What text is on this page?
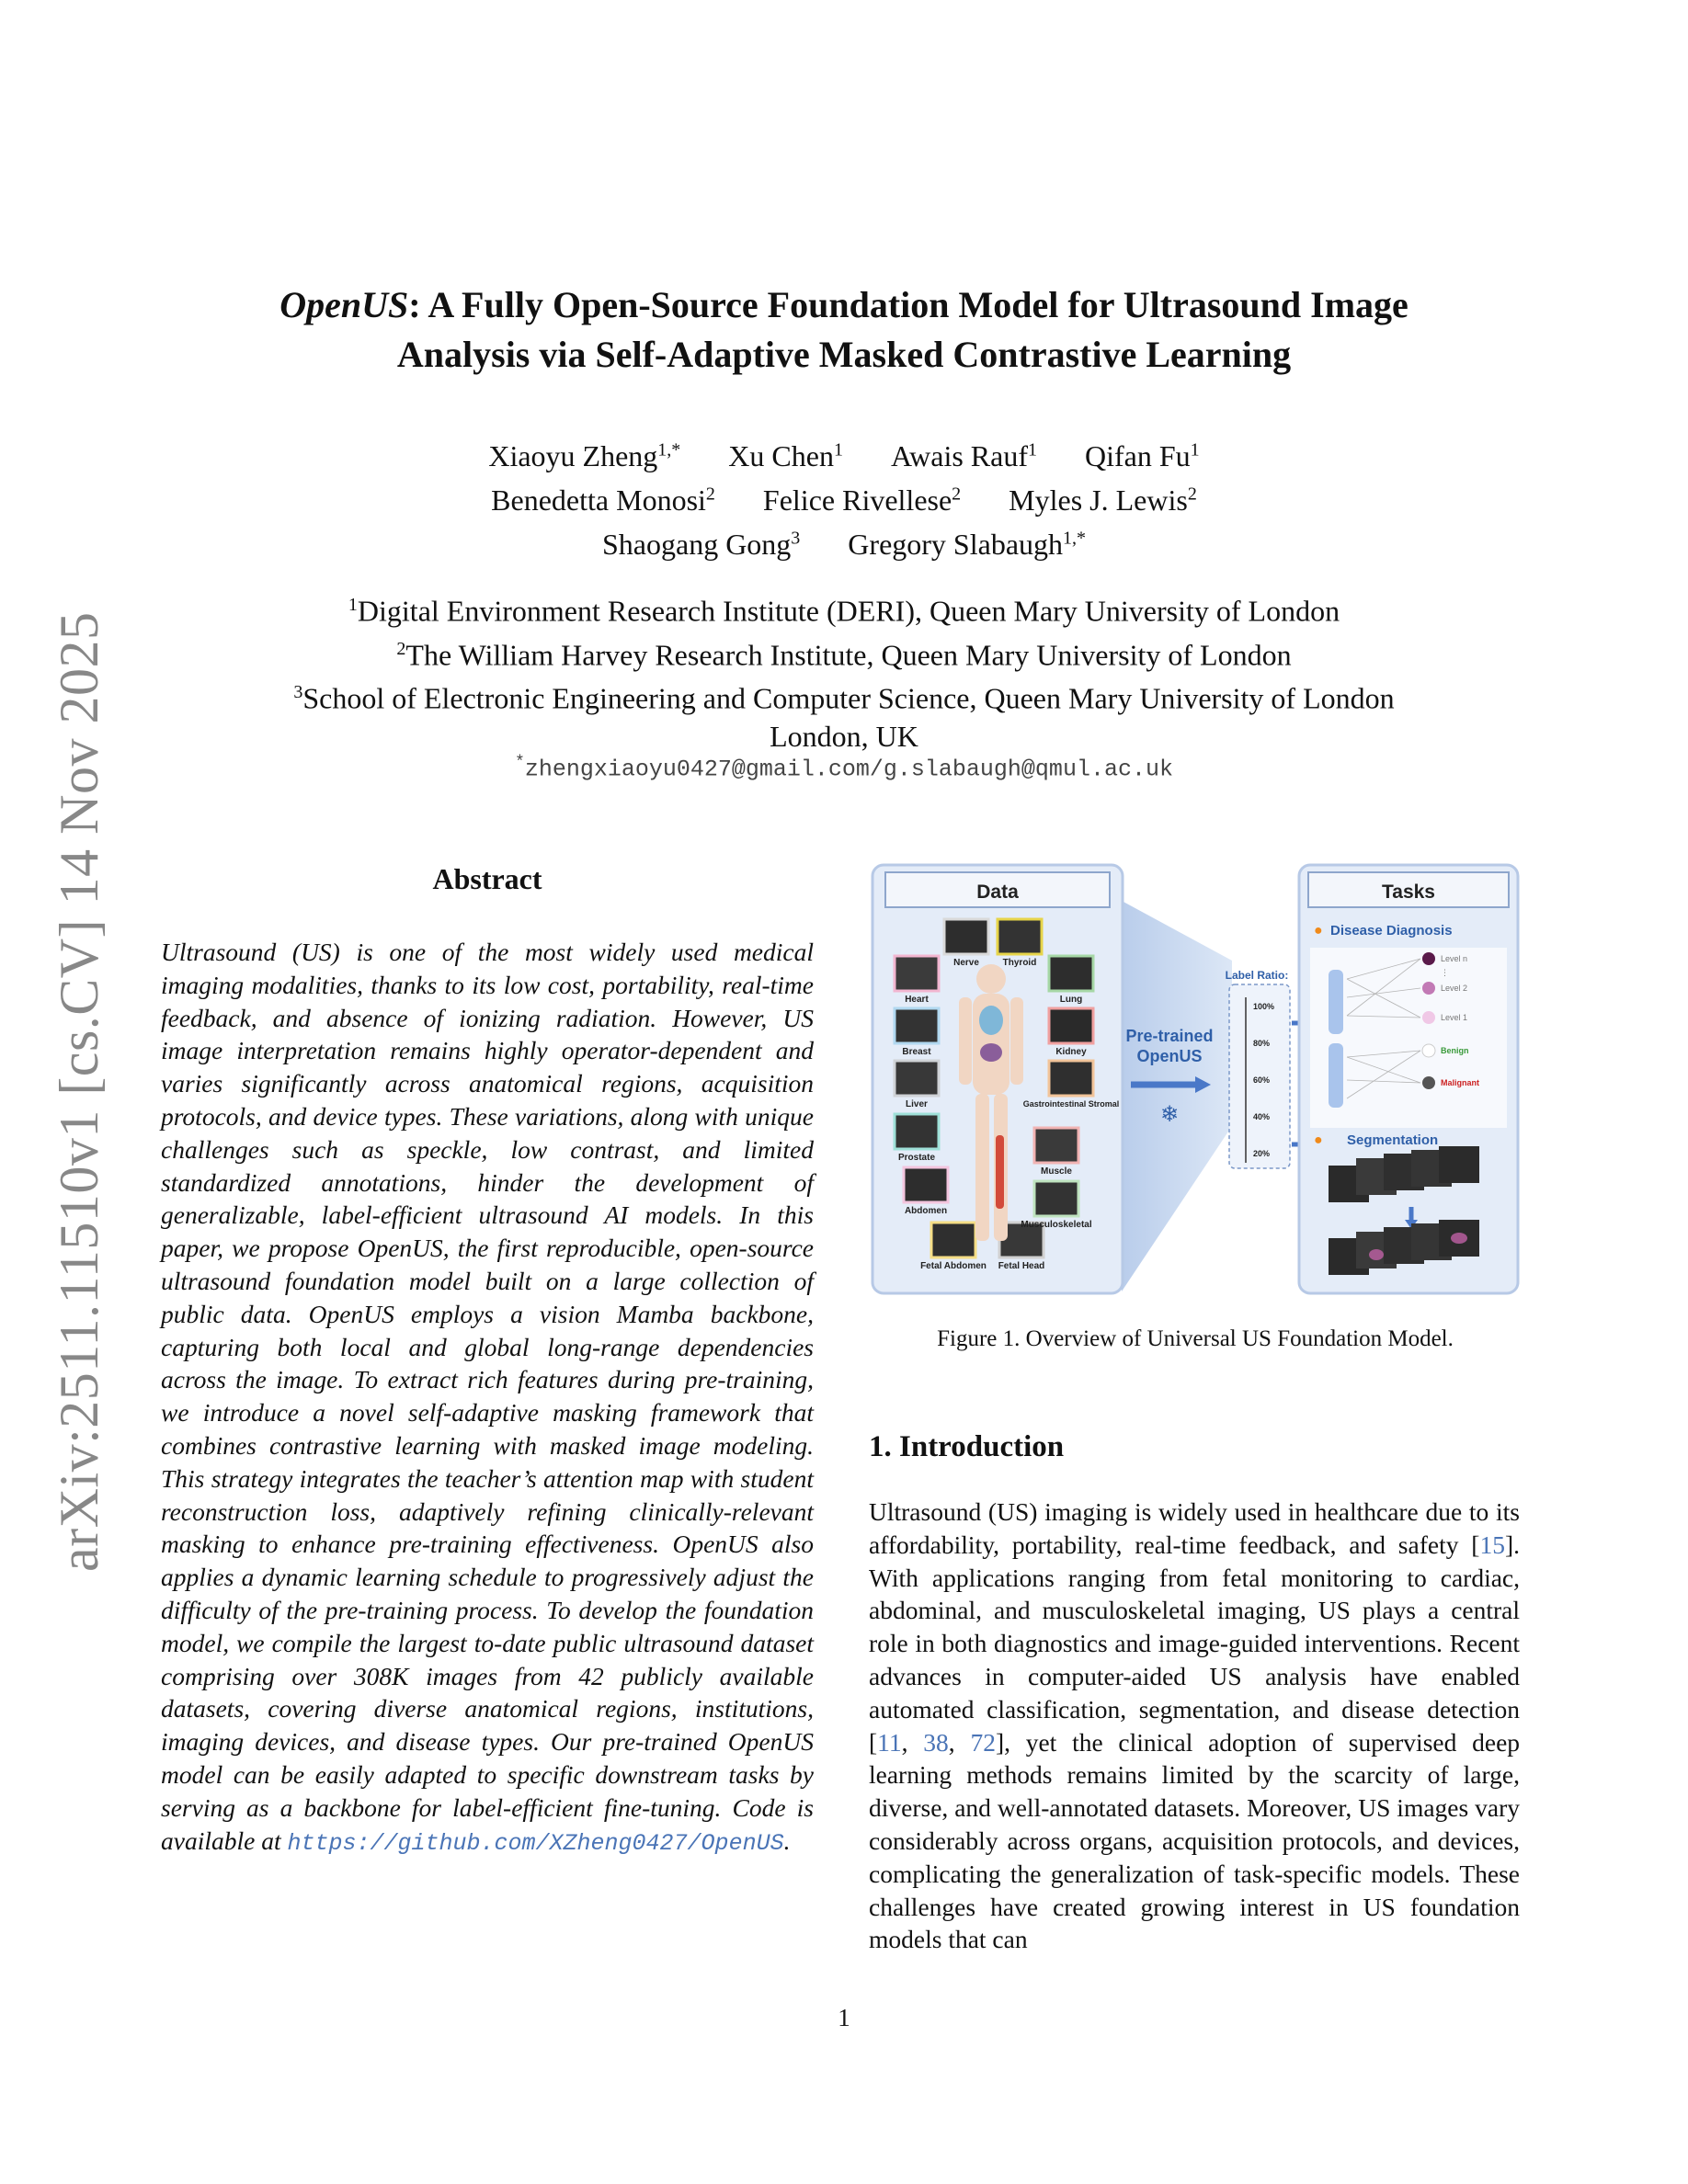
arXiv:2511.11510v1 [cs.CV] 14 Nov 2025
OpenUS: A Fully Open-Source Foundation Model for Ultrasound Image
Analysis via Self-Adaptive Masked Contrastive Learning
Xiaoyu Zheng$^{1,*}$ Xu Chen$^1$ Awais Rauf$^1$ Qifan Fu$^1$
Benedetta Monosi$^2$ Felice Rivellese$^2$ Myles J. Lewis$^2$
Shaogang Gong$^3$ Gregory Slabaugh$^{1,*}$
$^1$Digital Environment Research Institute (DERI), Queen Mary University of London
$^2$The William Harvey Research Institute, Queen Mary University of London
$^3$School of Electronic Engineering and Computer Science, Queen Mary University of London
London, UK
*zhengxiaoyu0427@gmail.com/g.slabaugh@qmul.ac.uk
Abstract
Ultrasound (US) is one of the most widely used medical imaging modalities, thanks to its low cost, portability, real-time feedback, and absence of ionizing radiation. However, US image interpretation remains highly operator-dependent and varies significantly across anatomical regions, acquisition protocols, and device types. These variations, along with unique challenges such as speckle, low contrast, and limited standardized annotations, hinder the development of generalizable, label-efficient ultrasound AI models. In this paper, we propose OpenUS, the first reproducible, open-source ultrasound foundation model built on a large collection of public data. OpenUS employs a vision Mamba backbone, capturing both local and global long-range dependencies across the image. To extract rich features during pre-training, we introduce a novel self-adaptive masking framework that combines contrastive learning with masked image modeling. This strategy integrates the teacher’s attention map with student reconstruction loss, adaptively refining clinically-relevant masking to enhance pre-training effectiveness. OpenUS also applies a dynamic learning schedule to progressively adjust the difficulty of the pre-training process. To develop the foundation model, we compile the largest to-date public ultrasound dataset comprising over 308K images from 42 publicly available datasets, covering diverse anatomical regions, institutions, imaging devices, and disease types. Our pre-trained OpenUS model can be easily adapted to specific downstream tasks by serving as a backbone for label-efficient fine-tuning. Code is available at https://github.com/XZheng0427/OpenUS.
Data
Nerve	Thyroid
Heart	Lung
Breast	Kidney
Liver	Gastrointestinal Stromal
Prostate
Muscle
Abdomen
Musculoskeletal
Fetal Abdomen Fetal Head
Pre-trained
OpenUS
❄
Label Ratio:
100%
80%
60%
40%
20%
Tasks
● Disease Diagnosis
Level n
⋮
Level 2
Level 1
Benign
Malignant
● Segmentation
Figure 1. Overview of Universal US Foundation Model.
1. Introduction
Ultrasound (US) imaging is widely used in healthcare due to its affordability, portability, real-time feedback, and safety [15]. With applications ranging from fetal monitoring to cardiac, abdominal, and musculoskeletal imaging, US plays a central role in both diagnostics and image-guided interventions. Recent advances in computer-aided US analysis have enabled automated classification, segmentation, and disease detection [11, 38, 72], yet the clinical adoption of supervised deep learning methods remains limited by the scarcity of large, diverse, and well-annotated datasets. Moreover, US images vary considerably across organs, acquisition protocols, and devices, complicating the generalization of task-specific models. These challenges have created growing interest in US foundation models that can
1
